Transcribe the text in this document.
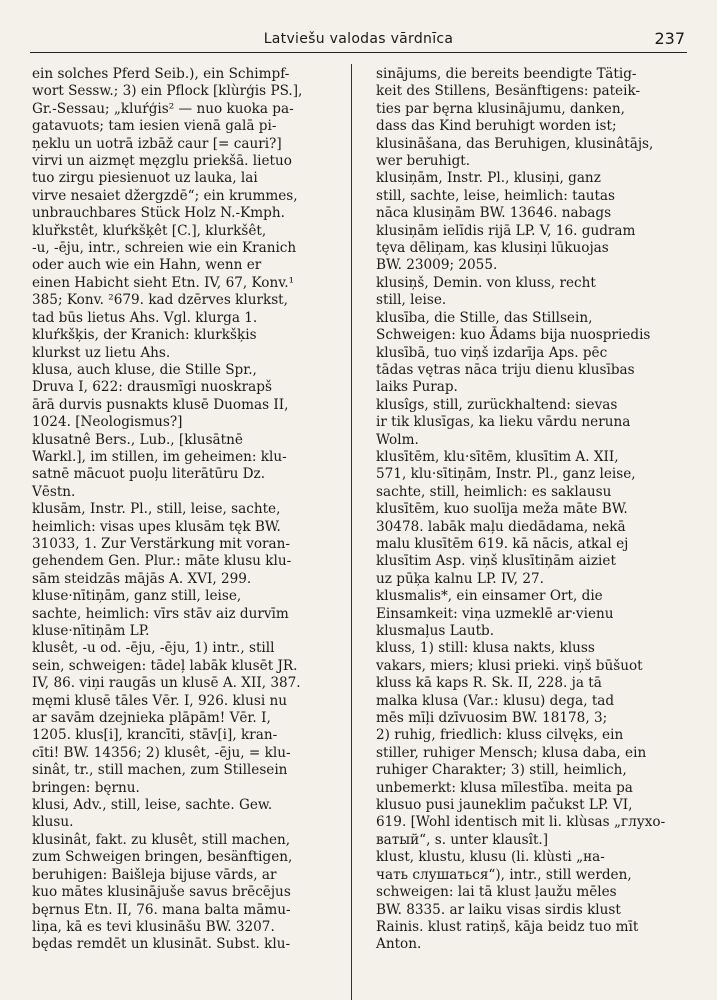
Latviešu valodas vārdnīca	237

ein solches Pferd Seib.), ein Schimpf-
wort Sessw.; 3) ein Pflock [klùrģis PS.],
Gr.-Sessau; „kluŕģis² — nuo kuoka pa-
gatavuots; tam iesien vienā galā pi-
ņeklu un uotrā izbāž caur [= cauri?]
virvi un aizmęt męzglu priekšā. lietuo
tuo zirgu piesienuot uz lauka, lai
virve nesaiet džergzdē“; ein krummes,
unbrauchbares Stück Holz N.-Kmph.

kluřkstêt, kluŕkšķêt [C.], klurkšêt,
-u, -ēju, intr., schreien wie ein Kranich
oder auch wie ein Hahn, wenn er
einen Habicht sieht Etn. IV, 67, Konv.¹
385; Konv. ²679. kad dzērves klurkst,
tad būs lietus Ahs. Vgl. klurga 1.

kluŕkšķis, der Kranich: klurkšķis
klurkst uz lietu Ahs.

klusa, auch kluse, die Stille Spr.,
Druva I, 622: drausmīgi nuoskrapš
ārā durvis pusnakts klusē Duomas II,
1024. [Neologismus?]

klusatnê Bers., Lub., [klusātnē
Warkl.], im stillen, im geheimen: klu-
satnē mācuot puoļu literātūru Dz.
Vēstn.

klusām, Instr. Pl., still, leise, sachte,
heimlich: visas upes klusām tęk BW.
31033, 1. Zur Verstärkung mit voran-
gehendem Gen. Plur.: māte klusu klu-
sām steidzās mājās A. XVI, 299.

kluse·nītiņām, ganz still, leise,
sachte, heimlich: vīrs stāv aiz durvīm
kluse·nītiņām LP.

klusêt, -u od. -ēju, -ēju, 1) intr., still
sein, schweigen: tādeļ labāk klusēt JR.
IV, 86. viņi raugās un klusē A. XII, 387.
męmi klusē tāles Vēr. I, 926. klusi nu
ar savām dzejnieka plāpām! Vēr. I,
1205. klus[i], krancīti, stāv[i], kran-
cīti! BW. 14356; 2) klusêt, -ēju, = klu-
sinât, tr., still machen, zum Stillesein
bringen: bęrnu.

klusi, Adv., still, leise, sachte. Gew.
klusu.

klusinât, fakt. zu klusêt, still machen,
zum Schweigen bringen, besänftigen,
beruhigen: Baišleja bijuse vārds, ar
kuo mātes klusinājuše savus brēcējus
bęrnus Etn. II, 76. mana balta māmu-
liņa, kā es tevi klusināšu BW. 3207.
będas remdēt un klusināt. Subst. klu-

sinājums, die bereits beendigte Tätig-
keit des Stillens, Besänftigens: pateik-
ties par bęrna klusinājumu, danken,
dass das Kind beruhigt worden ist;
klusināšana, das Beruhigen, klusinâtājs,
wer beruhigt.

klusiņām, Instr. Pl., klusiņi, ganz
still, sachte, leise, heimlich: tautas
nāca klusiņām BW. 13646. nabags
klusiņām ielīdis rijā LP. V, 16. gudram
tęva dēliņam, kas klusiņi lūkuojas
BW. 23009; 2055.

klusiņš, Demin. von kluss, recht
still, leise.

klusība, die Stille, das Stillsein,
Schweigen: kuo Ādams bija nuospriedis
klusībā, tuo viņš izdarīja Aps. pēc
tādas vętras nāca triju dienu klusības
laiks Purap.

klusîgs, still, zurückhaltend: sievas
ir tik klusīgas, ka lieku vārdu neruna
Wolm.

klusītēm, klu·sītēm, klusītim A. XII,
571, klu·sītiņām, Instr. Pl., ganz leise,
sachte, still, heimlich: es saklausu
klusītēm, kuo suolīja meža māte BW.
30478. labāk maļu diedādama, nekā
malu klusītēm 619. kā nācis, atkal ej
klusītim Asp. viņš klusītiņām aiziet
uz pūķa kalnu LP. IV, 27.

klusmalis*, ein einsamer Ort, die
Einsamkeit: viņa uzmeklē ar·vienu
klusmaļus Lautb.

kluss, 1) still: klusa nakts, kluss
vakars, miers; klusi prieki. viņš būšuot
kluss kā kaps R. Sk. II, 228. ja tā
malka klusa (Var.: klusu) dega, tad
mēs mīļi dzīvuosim BW. 18178, 3;
2) ruhig, friedlich: kluss cilvęks, ein
stiller, ruhiger Mensch; klusa daba, ein
ruhiger Charakter; 3) still, heimlich,
unbemerkt: klusa mīlestība. meita pa
klusuo pusi jauneklim pačukst LP. VI,
619. [Wohl identisch mit li. klùsas „глухо-
ватый“, s. unter klausît.]

klust, klustu, klusu (li. klùsti „на-
чать слушаться“), intr., still werden,
schweigen: lai tā klust ļaužu mēles
BW. 8335. ar laiku visas sirdis klust
Rainis. klust ratiņš, kāja beidz tuo mīt
Anton.
